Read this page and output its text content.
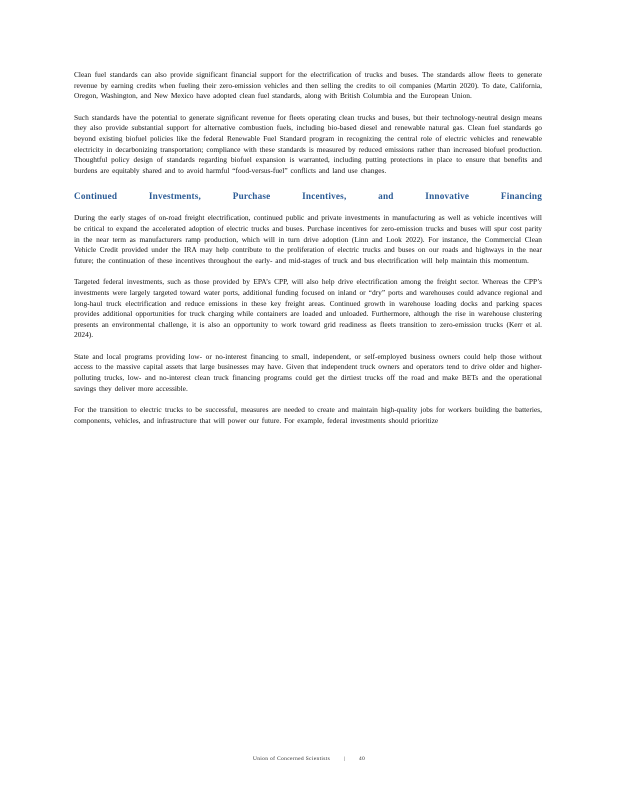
Clean fuel standards can also provide significant financial support for the electrification of trucks and buses. The standards allow fleets to generate revenue by earning credits when fueling their zero-emission vehicles and then selling the credits to oil companies (Martin 2020). To date, California, Oregon, Washington, and New Mexico have adopted clean fuel standards, along with British Columbia and the European Union.

Such standards have the potential to generate significant revenue for fleets operating clean trucks and buses, but their technology-neutral design means they also provide substantial support for alternative combustion fuels, including bio-based diesel and renewable natural gas. Clean fuel standards go beyond existing biofuel policies like the federal Renewable Fuel Standard program in recognizing the central role of electric vehicles and renewable electricity in decarbonizing transportation; compliance with these standards is measured by reduced emissions rather than increased biofuel production. Thoughtful policy design of standards regarding biofuel expansion is warranted, including putting protections in place to ensure that benefits and burdens are equitably shared and to avoid harmful “food-versus-fuel” conflicts and land use changes.

Continued Investments, Purchase Incentives, and Innovative Financing

During the early stages of on-road freight electrification, continued public and private investments in manufacturing as well as vehicle incentives will be critical to expand the accelerated adoption of electric trucks and buses. Purchase incentives for zero-emission trucks and buses will spur cost parity in the near term as manufacturers ramp production, which will in turn drive adoption (Linn and Look 2022). For instance, the Commercial Clean Vehicle Credit provided under the IRA may help contribute to the proliferation of electric trucks and buses on our roads and highways in the near future; the continuation of these incentives throughout the early- and mid-stages of truck and bus electrification will help maintain this momentum.

Targeted federal investments, such as those provided by EPA’s CPP, will also help drive electrification among the freight sector. Whereas the CPP’s investments were largely targeted toward water ports, additional funding focused on inland or “dry” ports and warehouses could advance regional and long-haul truck electrification and reduce emissions in these key freight areas. Continued growth in warehouse loading docks and parking spaces provides additional opportunities for truck charging while containers are loaded and unloaded. Furthermore, although the rise in warehouse clustering presents an environmental challenge, it is also an opportunity to work toward grid readiness as fleets transition to zero-emission trucks (Kerr et al. 2024).

State and local programs providing low- or no-interest financing to small, independent, or self-employed business owners could help those without access to the massive capital assets that large businesses may have. Given that independent truck owners and operators tend to drive older and higher-polluting trucks, low- and no-interest clean truck financing programs could get the dirtiest trucks off the road and make BETs and the operational savings they deliver more accessible.

For the transition to electric trucks to be successful, measures are needed to create and maintain high-quality jobs for workers building the batteries, components, vehicles, and infrastructure that will power our future. For example, federal investments should prioritize

Union of Concerned Scientists | 40
